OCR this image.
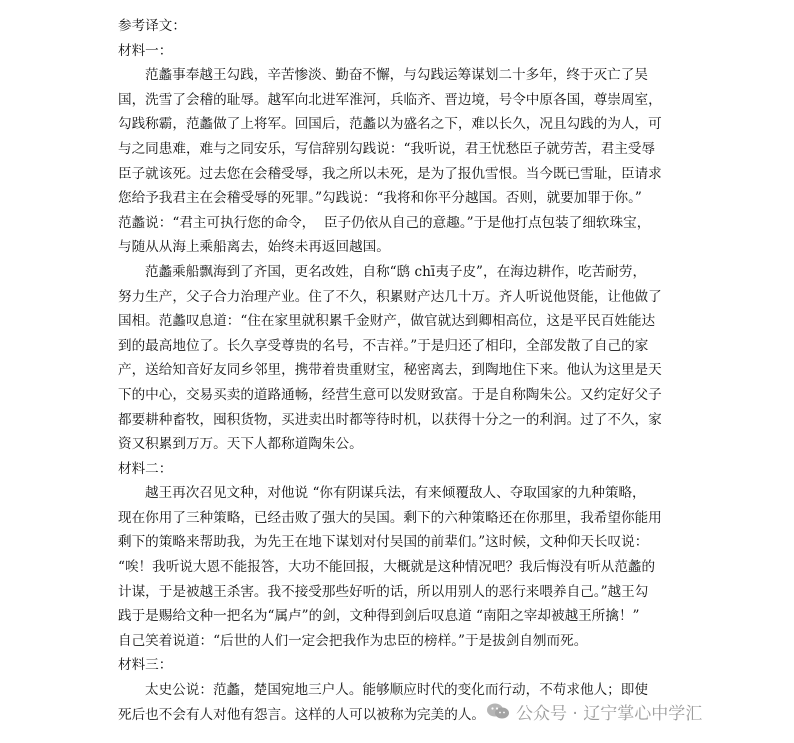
参考译文：
材料一：
范蠡事奉越王勾践，辛苦惨淡、勤奋不懈，与勾践运筹谋划二十多年，终于灭亡了吴
国，洗雪了会稽的耻辱。越军向北进军淮河，兵临齐、晋边境，号令中原各国，尊崇周室，
勾践称霸，范蠡做了上将军。回国后，范蠡以为盛名之下，难以长久，况且勾践的为人，可
与之同患难，难与之同安乐，写信辞别勾践说：“我听说，君王忧愁臣子就劳苦，君主受辱
臣子就该死。过去您在会稽受辱，我之所以未死，是为了报仇雪恨。当今既已雪耻，臣请求
您给予我君主在会稽受辱的死罪。”勾践说：“我将和你平分越国。否则，就要加罪于你。”
范蠡说：“君主可执行您的命令，  臣子仍依从自己的意趣。”于是他打点包装了细软珠宝，
与随从从海上乘船离去，始终未再返回越国。
范蠡乘船飘海到了齐国，更名改姓，自称“鸱 chī夷子皮”，在海边耕作，吃苦耐劳，
努力生产，父子合力治理产业。住了不久，积累财产达几十万。齐人听说他贤能，让他做了
国相。范蠡叹息道：“住在家里就积累千金财产，做官就达到卿相高位，这是平民百姓能达
到的最高地位了。长久享受尊贵的名号，不吉祥。”于是归还了相印，全部发散了自己的家
产，送给知音好友同乡邻里，携带着贵重财宝，秘密离去，到陶地住下来。他认为这里是天
下的中心，交易买卖的道路通畅，经营生意可以发财致富。于是自称陶朱公。又约定好父子
都要耕种畜牧，囤积货物，买进卖出时都等待时机，以获得十分之一的利润。过了不久，家
资又积累到万万。天下人都称道陶朱公。
材料二：
越王再次召见文种，对他说 “你有阴谋兵法，有来倾覆敌人、夺取国家的九种策略，
现在你用了三种策略，已经击败了强大的吴国。剩下的六种策略还在你那里，我希望你能用
剩下的策略来帮助我，为先王在地下谋划对付吴国的前辈们。”这时候，文种仰天长叹说：
“唉！我听说大恩不能报答，大功不能回报，大概就是这种情况吧？我后悔没有听从范蠡的
计谋，于是被越王杀害。我不接受那些好听的话，所以用别人的恶行来喂养自己。”越王勾
践于是赐给文种一把名为“属卢”的剑，文种得到剑后叹息道 “南阳之宰却被越王所擒！”
自己笑着说道：“后世的人们一定会把我作为忠臣的榜样。”于是拔剑自刎而死。
材料三：
太史公说：范蠡，楚国宛地三户人。能够顺应时代的变化而行动，不苟求他人；即使
死后也不会有人对他有怨言。这样的人可以被称为完美的人。	公众号 · 辽宁掌心中学汇
